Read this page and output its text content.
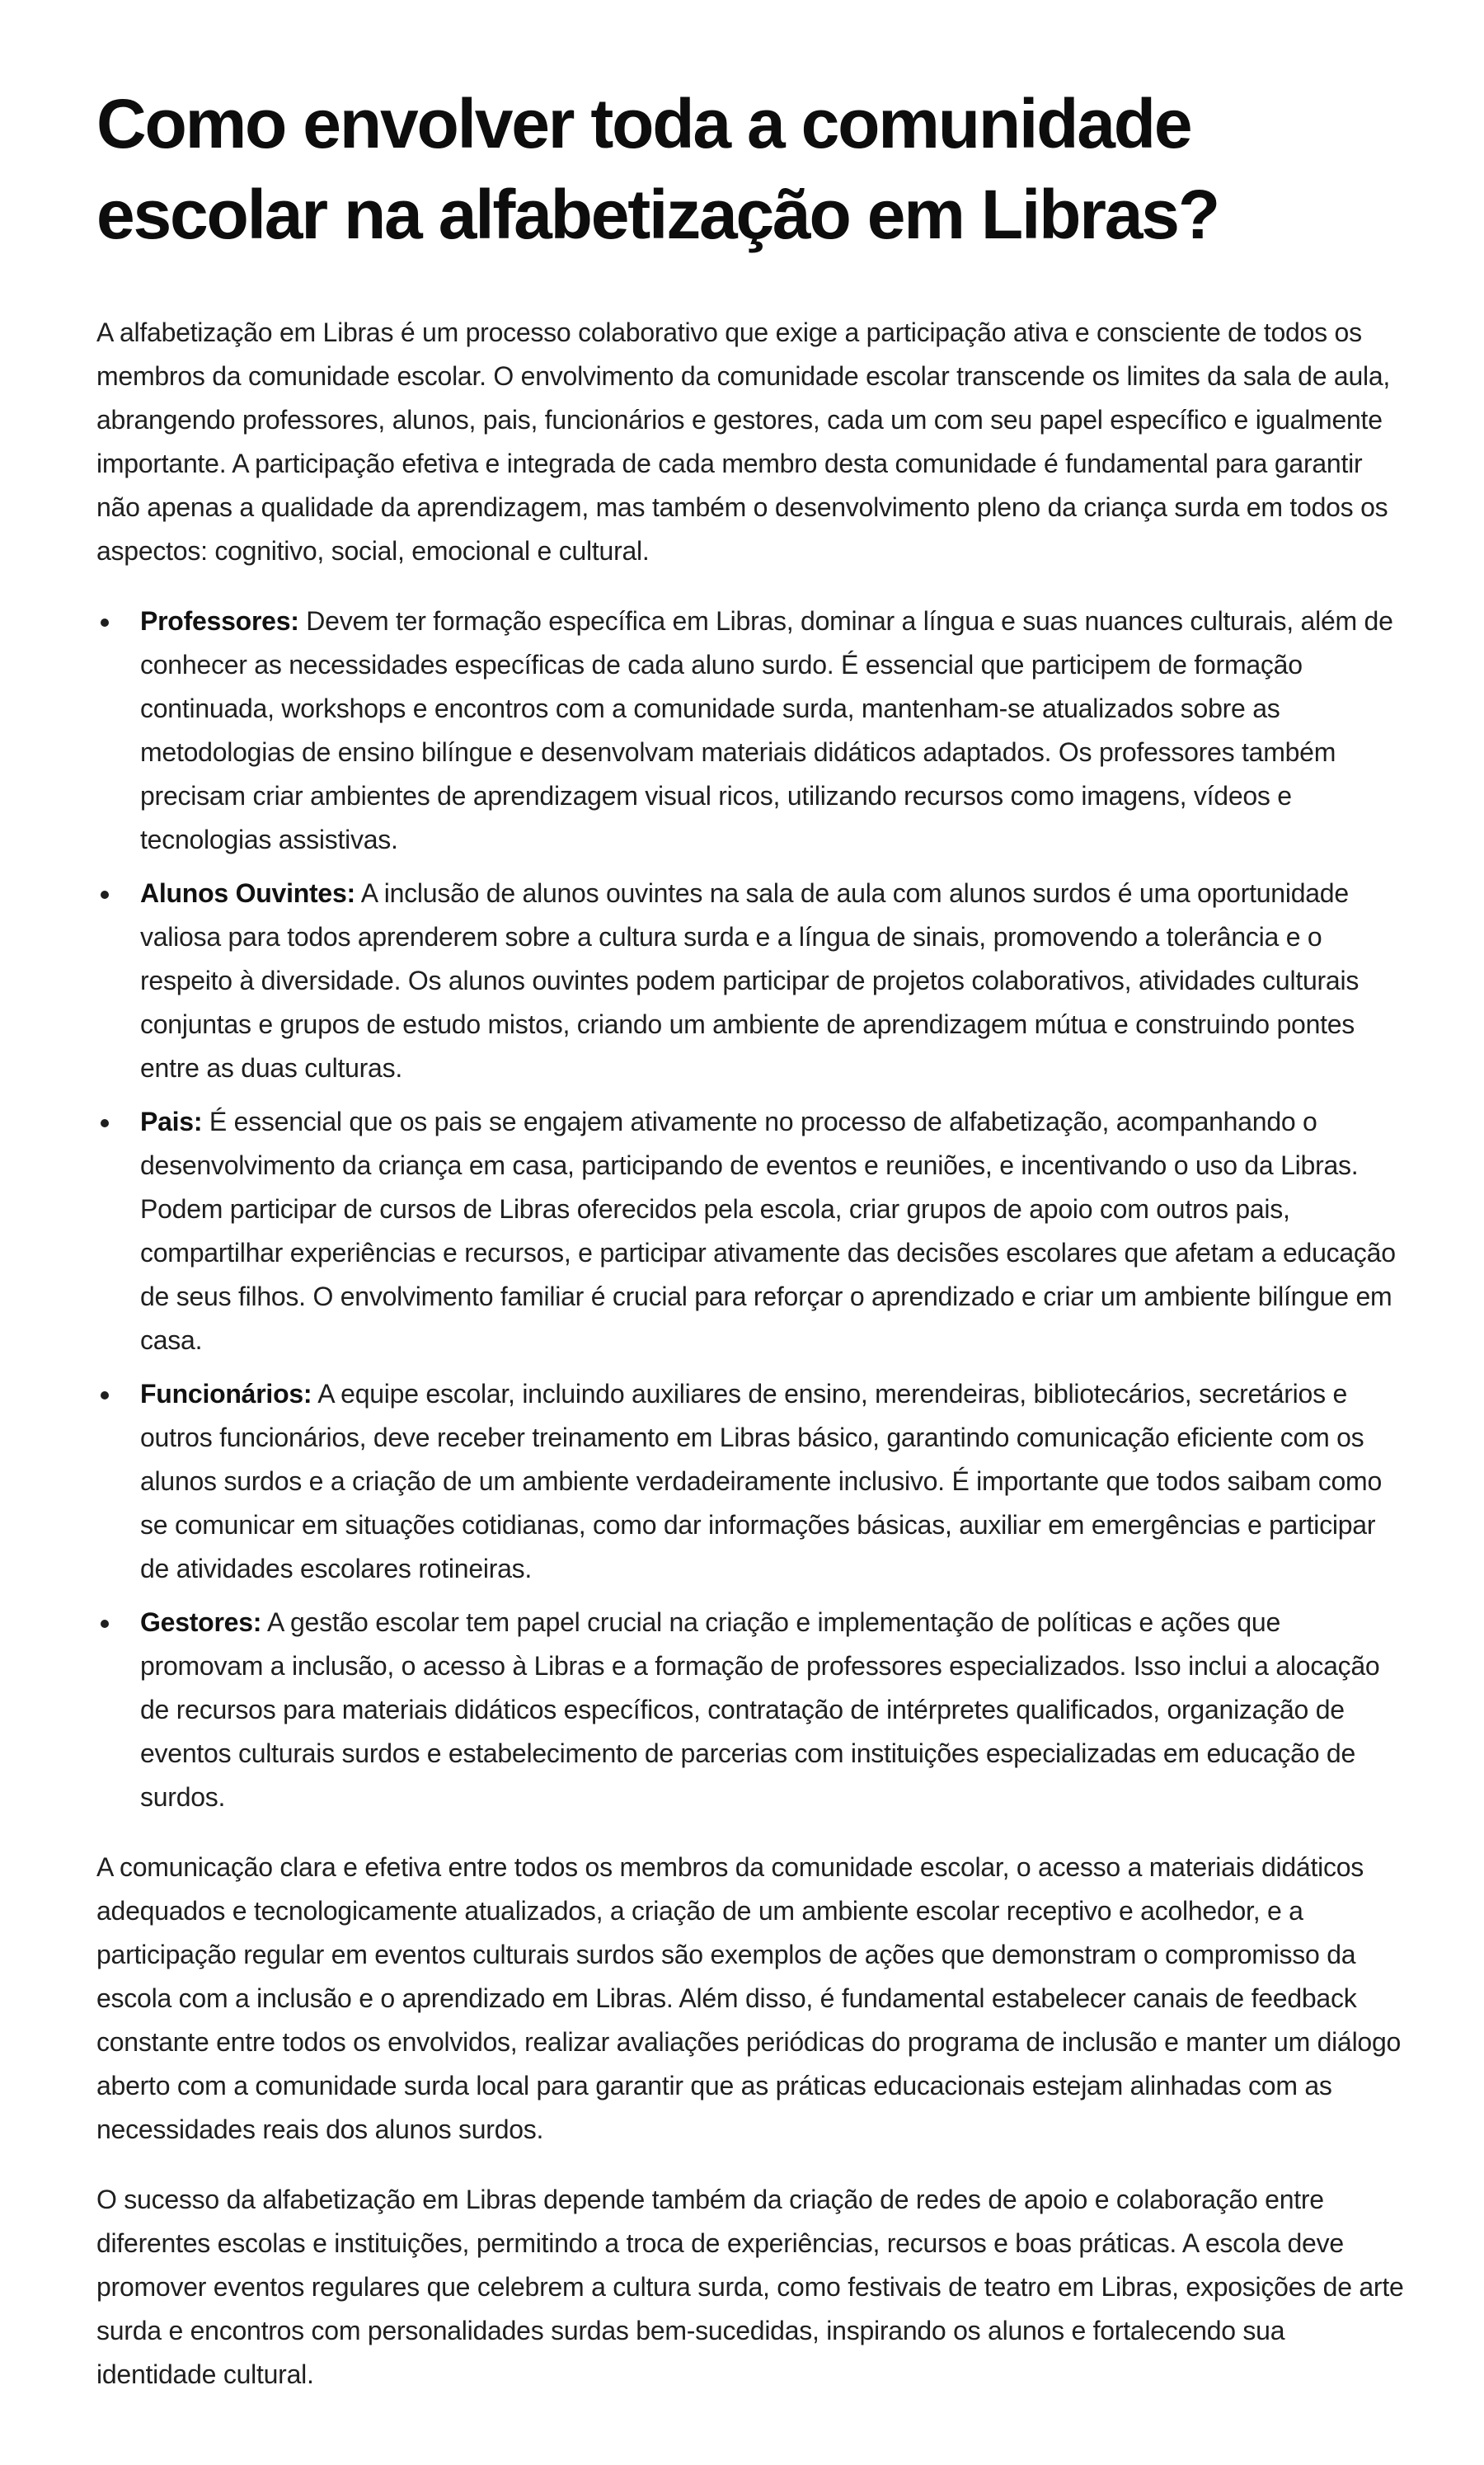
Como envolver toda a comunidade escolar na alfabetização em Libras?

A alfabetização em Libras é um processo colaborativo que exige a participação ativa e consciente de todos os membros da comunidade escolar. O envolvimento da comunidade escolar transcende os limites da sala de aula, abrangendo professores, alunos, pais, funcionários e gestores, cada um com seu papel específico e igualmente importante. A participação efetiva e integrada de cada membro desta comunidade é fundamental para garantir não apenas a qualidade da aprendizagem, mas também o desenvolvimento pleno da criança surda em todos os aspectos: cognitivo, social, emocional e cultural.

Professores: Devem ter formação específica em Libras, dominar a língua e suas nuances culturais, além de conhecer as necessidades específicas de cada aluno surdo. É essencial que participem de formação continuada, workshops e encontros com a comunidade surda, mantenham-se atualizados sobre as metodologias de ensino bilíngue e desenvolvam materiais didáticos adaptados. Os professores também precisam criar ambientes de aprendizagem visual ricos, utilizando recursos como imagens, vídeos e tecnologias assistivas.
Alunos Ouvintes: A inclusão de alunos ouvintes na sala de aula com alunos surdos é uma oportunidade valiosa para todos aprenderem sobre a cultura surda e a língua de sinais, promovendo a tolerância e o respeito à diversidade. Os alunos ouvintes podem participar de projetos colaborativos, atividades culturais conjuntas e grupos de estudo mistos, criando um ambiente de aprendizagem mútua e construindo pontes entre as duas culturas.
Pais: É essencial que os pais se engajem ativamente no processo de alfabetização, acompanhando o desenvolvimento da criança em casa, participando de eventos e reuniões, e incentivando o uso da Libras. Podem participar de cursos de Libras oferecidos pela escola, criar grupos de apoio com outros pais, compartilhar experiências e recursos, e participar ativamente das decisões escolares que afetam a educação de seus filhos. O envolvimento familiar é crucial para reforçar o aprendizado e criar um ambiente bilíngue em casa.
Funcionários: A equipe escolar, incluindo auxiliares de ensino, merendeiras, bibliotecários, secretários e outros funcionários, deve receber treinamento em Libras básico, garantindo comunicação eficiente com os alunos surdos e a criação de um ambiente verdadeiramente inclusivo. É importante que todos saibam como se comunicar em situações cotidianas, como dar informações básicas, auxiliar em emergências e participar de atividades escolares rotineiras.
Gestores: A gestão escolar tem papel crucial na criação e implementação de políticas e ações que promovam a inclusão, o acesso à Libras e a formação de professores especializados. Isso inclui a alocação de recursos para materiais didáticos específicos, contratação de intérpretes qualificados, organização de eventos culturais surdos e estabelecimento de parcerias com instituições especializadas em educação de surdos.

A comunicação clara e efetiva entre todos os membros da comunidade escolar, o acesso a materiais didáticos adequados e tecnologicamente atualizados, a criação de um ambiente escolar receptivo e acolhedor, e a participação regular em eventos culturais surdos são exemplos de ações que demonstram o compromisso da escola com a inclusão e o aprendizado em Libras. Além disso, é fundamental estabelecer canais de feedback constante entre todos os envolvidos, realizar avaliações periódicas do programa de inclusão e manter um diálogo aberto com a comunidade surda local para garantir que as práticas educacionais estejam alinhadas com as necessidades reais dos alunos surdos.

O sucesso da alfabetização em Libras depende também da criação de redes de apoio e colaboração entre diferentes escolas e instituições, permitindo a troca de experiências, recursos e boas práticas. A escola deve promover eventos regulares que celebrem a cultura surda, como festivais de teatro em Libras, exposições de arte surda e encontros com personalidades surdas bem-sucedidas, inspirando os alunos e fortalecendo sua identidade cultural.
